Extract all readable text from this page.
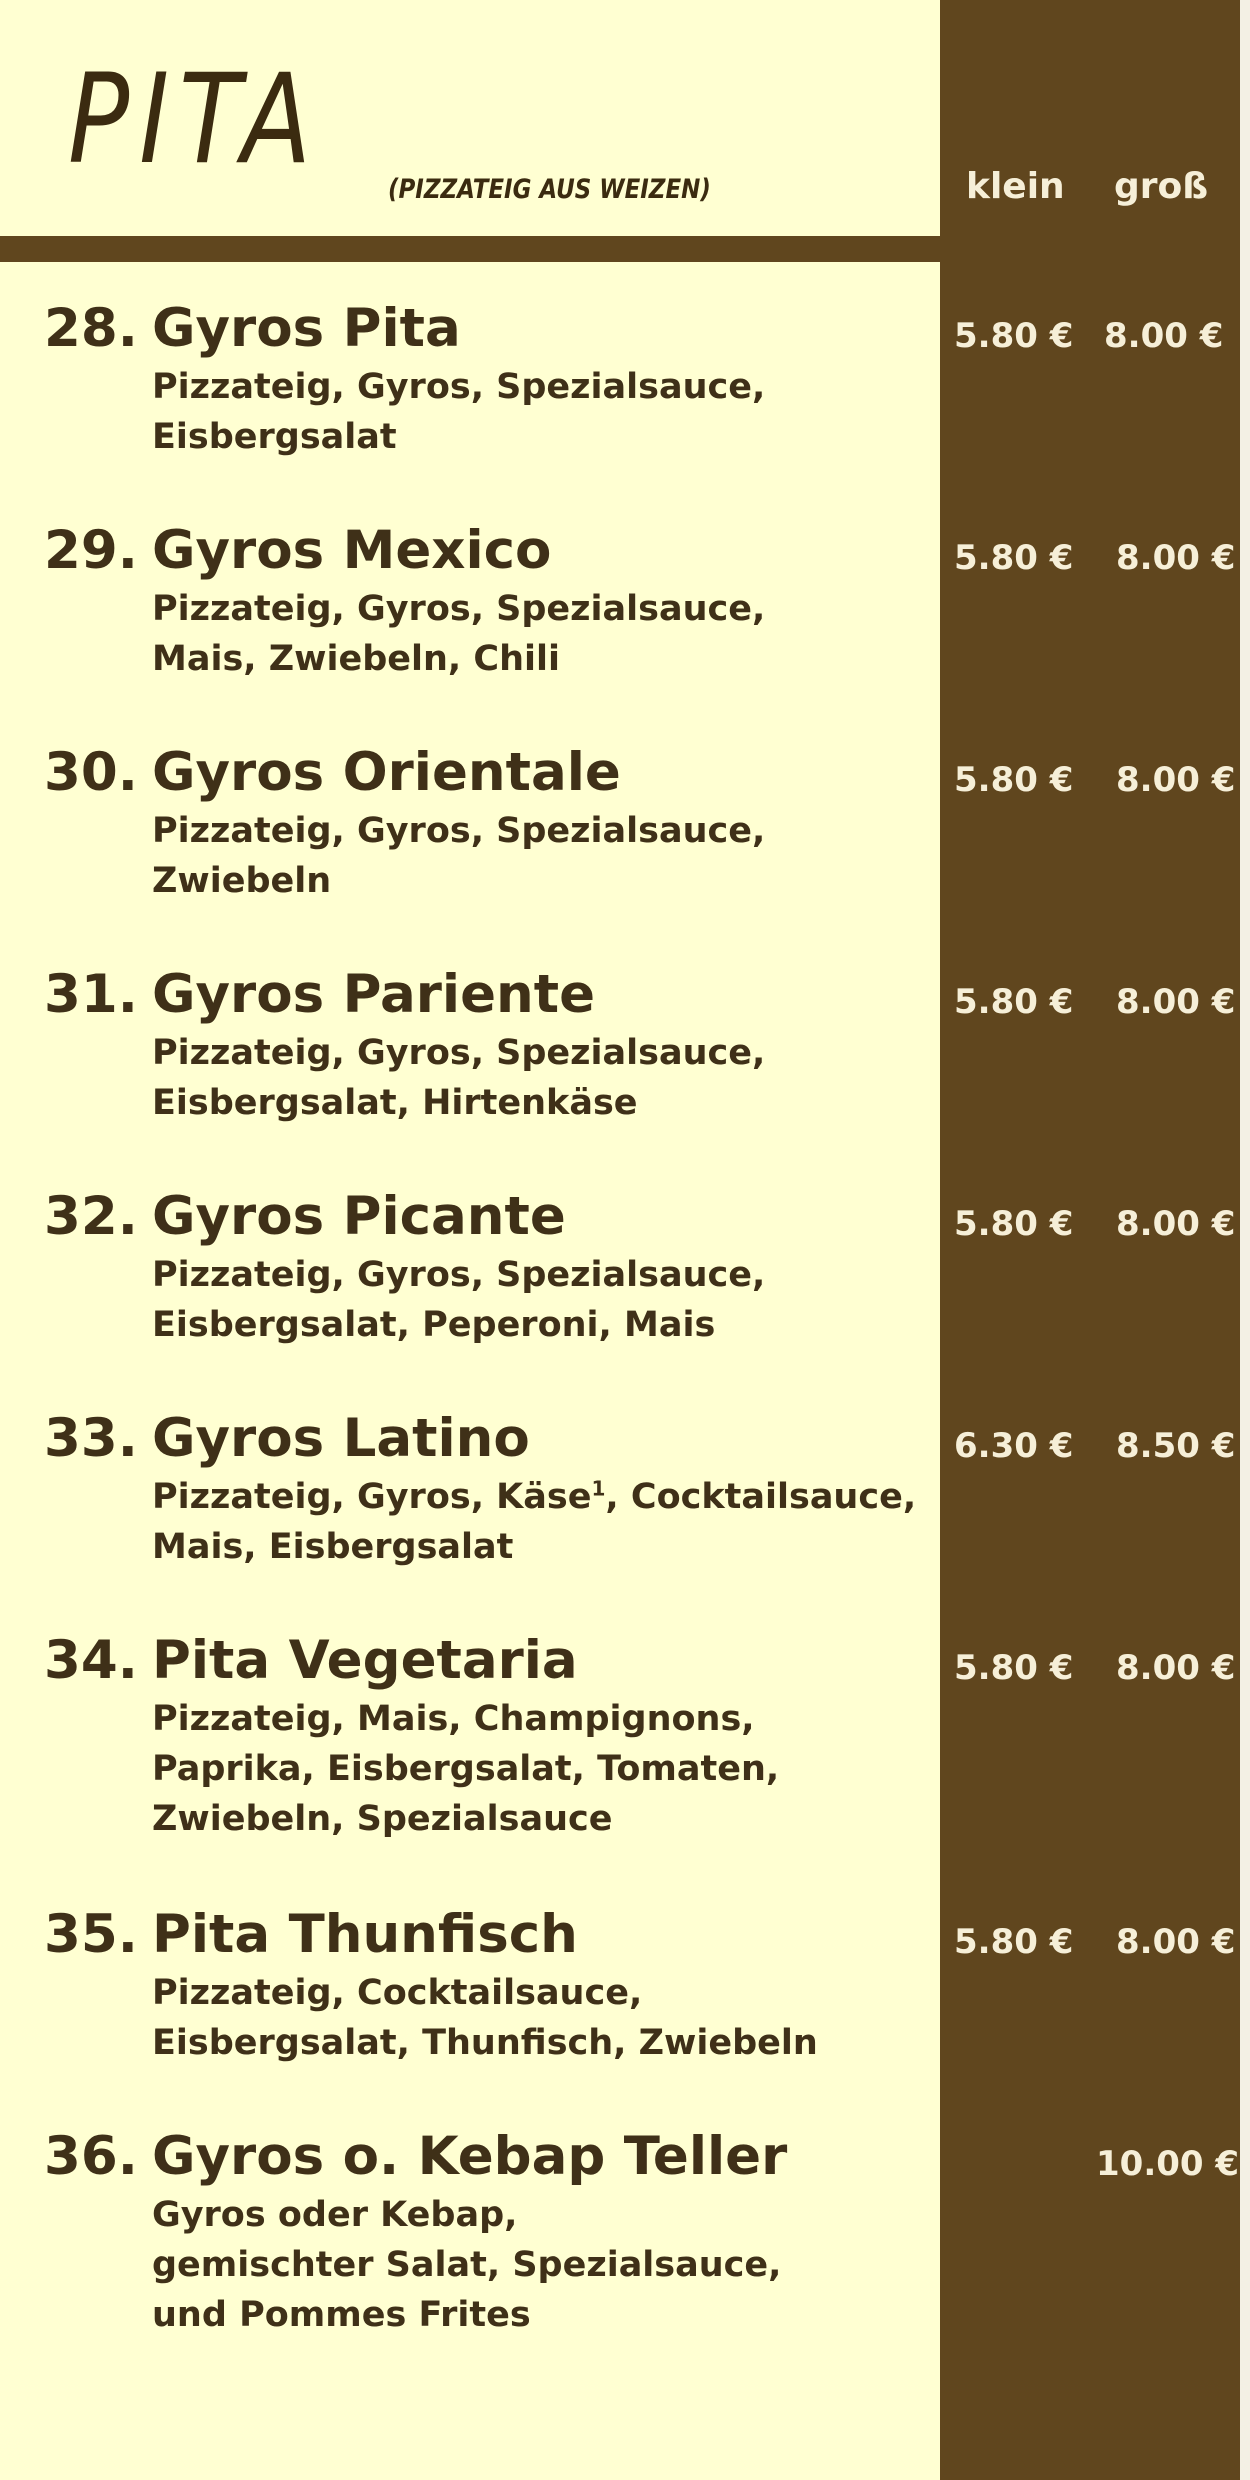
PITA (PIZZATEIG AUS WEIZEN)	klein groß
28. Gyros Pita
Pizzateig, Gyros, Spezialsauce,
Eisbergsalat
5.80 € 8.00 €
29. Gyros Mexico
Pizzateig, Gyros, Spezialsauce,
Mais, Zwiebeln, Chili
5.80 € 8.00 €
30. Gyros Orientale
Pizzateig, Gyros, Spezialsauce,
Zwiebeln
5.80 € 8.00 €
31. Gyros Pariente
Pizzateig, Gyros, Spezialsauce,
Eisbergsalat, Hirtenkäse
5.80 € 8.00 €
32. Gyros Picante
Pizzateig, Gyros, Spezialsauce,
Eisbergsalat, Peperoni, Mais
5.80 € 8.00 €
33. Gyros Latino
Pizzateig, Gyros, Käse$^1$, Cocktailsauce,
Mais, Eisbergsalat
6.30 € 8.50 €
34. Pita Vegetaria
Pizzateig, Mais, Champignons,
Paprika, Eisbergsalat, Tomaten,
Zwiebeln, Spezialsauce
5.80 € 8.00 €
35. Pita Thunfisch
Pizzateig, Cocktailsauce,
Eisbergsalat, Thunfisch, Zwiebeln
5.80 € 8.00 €
36. Gyros o. Kebap Teller
Gyros oder Kebap,
gemischter Salat, Spezialsauce,
und Pommes Frites
10.00 €
